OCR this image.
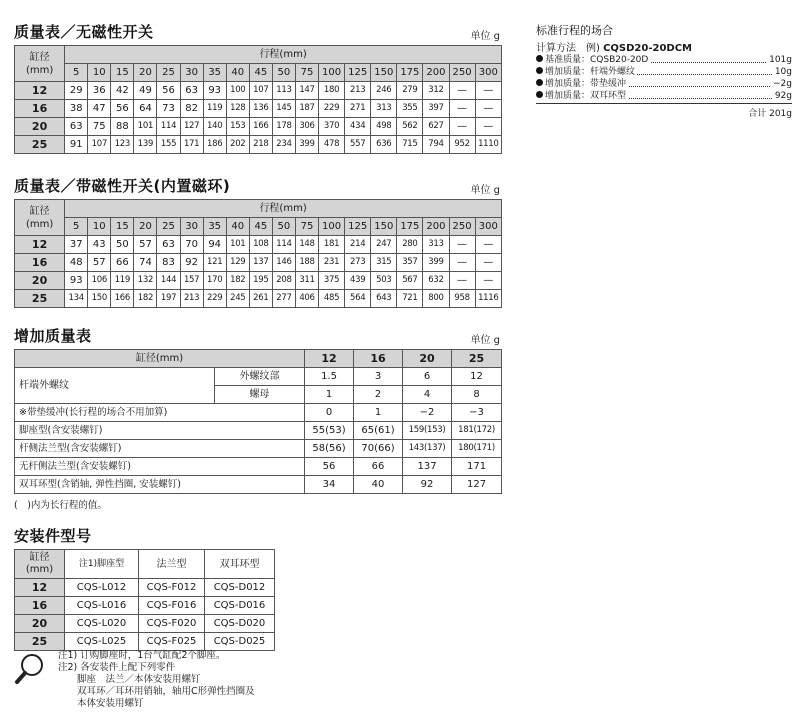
质量表／无磁性开关	单位 g
缸径
(mm)	行程(mm)																	
	5	10	15	20	25	30	35	40	45	50	75	100	125	150	175	200	250	300
12	29	36	42	49	56	63	93	100	107	113	147	180	213	246	279	312	—	—
16	38	47	56	64	73	82	119	128	136	145	187	229	271	313	355	397	—	—
20	63	75	88	101	114	127	140	153	166	178	306	370	434	498	562	627	—	—
25	91	107	123	139	155	171	186	202	218	234	399	478	557	636	715	794	952	1110
质量表／带磁性开关(内置磁环)	单位 g
缸径
(mm)	行程(mm)																	
	5	10	15	20	25	30	35	40	45	50	75	100	125	150	175	200	250	300
12	37	43	50	57	63	70	94	101	108	114	148	181	214	247	280	313	—	—
16	48	57	66	74	83	92	121	129	137	146	188	231	273	315	357	399	—	—
20	93	106	119	132	144	157	170	182	195	208	311	375	439	503	567	632	—	—
25	134	150	166	182	197	213	229	245	261	277	406	485	564	643	721	800	958	1116
增加质量表	单位 g
缸径(mm)		12	16	20	25
杆端外螺纹	外螺纹部	1.5	3	6	12
	螺母	1	2	4	8
※带垫缓冲(长行程的场合不用加算)		0	1	−2	−3
脚座型(含安装螺钉)		55(53)	65(61)	159(153)	181(172)
杆侧法兰型(含安装螺钉)		58(56)	70(66)	143(137)	180(171)
无杆侧法兰型(含安装螺钉)		56	66	137	171
双耳环型(含销轴, 弹性挡圈, 安装螺钉)		34	40	92	127
(　)内为长行程的值。
安装件型号
缸径
(mm)	注1)脚座型	法兰型	双耳环型
12	CQS-L012	CQS-F012	CQS-D012
16	CQS-L016	CQS-F016	CQS-D016
20	CQS-L020	CQS-F020	CQS-D020
25	CQS-L025	CQS-F025	CQS-D025
注1) 订购脚座时，1台气缸配2个脚座。
注2) 各安装件上配下列零件
　　脚座　法兰／本体安装用螺钉
　　双耳环／耳环用销轴，轴用C形弹性挡圈及
　　本体安装用螺钉
标准行程的场合
计算方法　例) CQSD20-20DCM
基准质量：CQSB20-20D	101g
增加质量：杆端外螺纹	10g
增加质量：带垫缓冲	−2g
增加质量：双耳环型	92g
合计 201g
